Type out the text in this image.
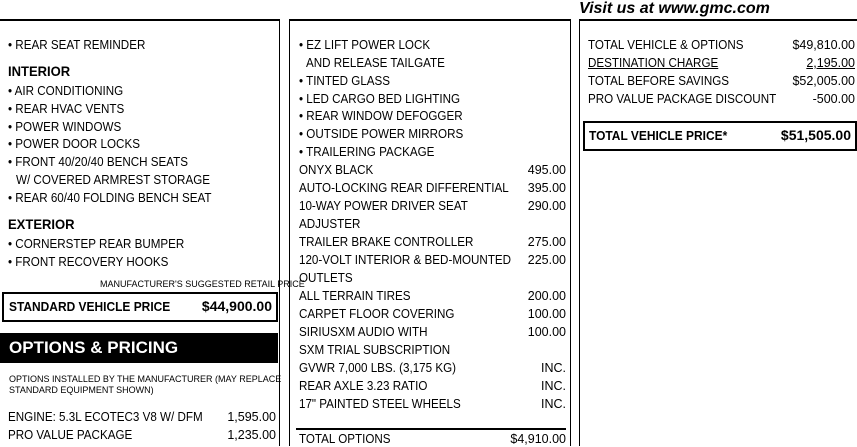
Visit us at www.gmc.com
• REAR SEAT REMINDER
INTERIOR
• AIR CONDITIONING
• REAR HVAC VENTS
• POWER WINDOWS
• POWER DOOR LOCKS
• FRONT 40/20/40 BENCH SEATS
W/ COVERED ARMREST STORAGE
• REAR 60/40 FOLDING BENCH SEAT
EXTERIOR
• CORNERSTEP REAR BUMPER
• FRONT RECOVERY HOOKS
MANUFACTURER'S SUGGESTED RETAIL PRICE
STANDARD VEHICLE PRICE	$44,900.00
OPTIONS & PRICING
OPTIONS INSTALLED BY THE MANUFACTURER (MAY REPLACE
STANDARD EQUIPMENT SHOWN)
ENGINE: 5.3L ECOTEC3 V8 W/ DFM	1,595.00
PRO VALUE PACKAGE	1,235.00
• EZ LIFT POWER LOCK
AND RELEASE TAILGATE
• TINTED GLASS
• LED CARGO BED LIGHTING
• REAR WINDOW DEFOGGER
• OUTSIDE POWER MIRRORS
• TRAILERING PACKAGE
ONYX BLACK	495.00
AUTO-LOCKING REAR DIFFERENTIAL	395.00
10-WAY POWER DRIVER SEAT	290.00
ADJUSTER
TRAILER BRAKE CONTROLLER	275.00
120-VOLT INTERIOR & BED-MOUNTED	225.00
OUTLETS
ALL TERRAIN TIRES	200.00
CARPET FLOOR COVERING	100.00
SIRIUSXM AUDIO WITH	100.00
SXM TRIAL SUBSCRIPTION
GVWR 7,000 LBS. (3,175 KG)	INC.
REAR AXLE 3.23 RATIO	INC.
17" PAINTED STEEL WHEELS	INC.
TOTAL OPTIONS	$4,910.00
TOTAL VEHICLE & OPTIONS	$49,810.00
DESTINATION CHARGE	2,195.00
TOTAL BEFORE SAVINGS	$52,005.00
PRO VALUE PACKAGE DISCOUNT	-500.00
TOTAL VEHICLE PRICE*	$51,505.00
